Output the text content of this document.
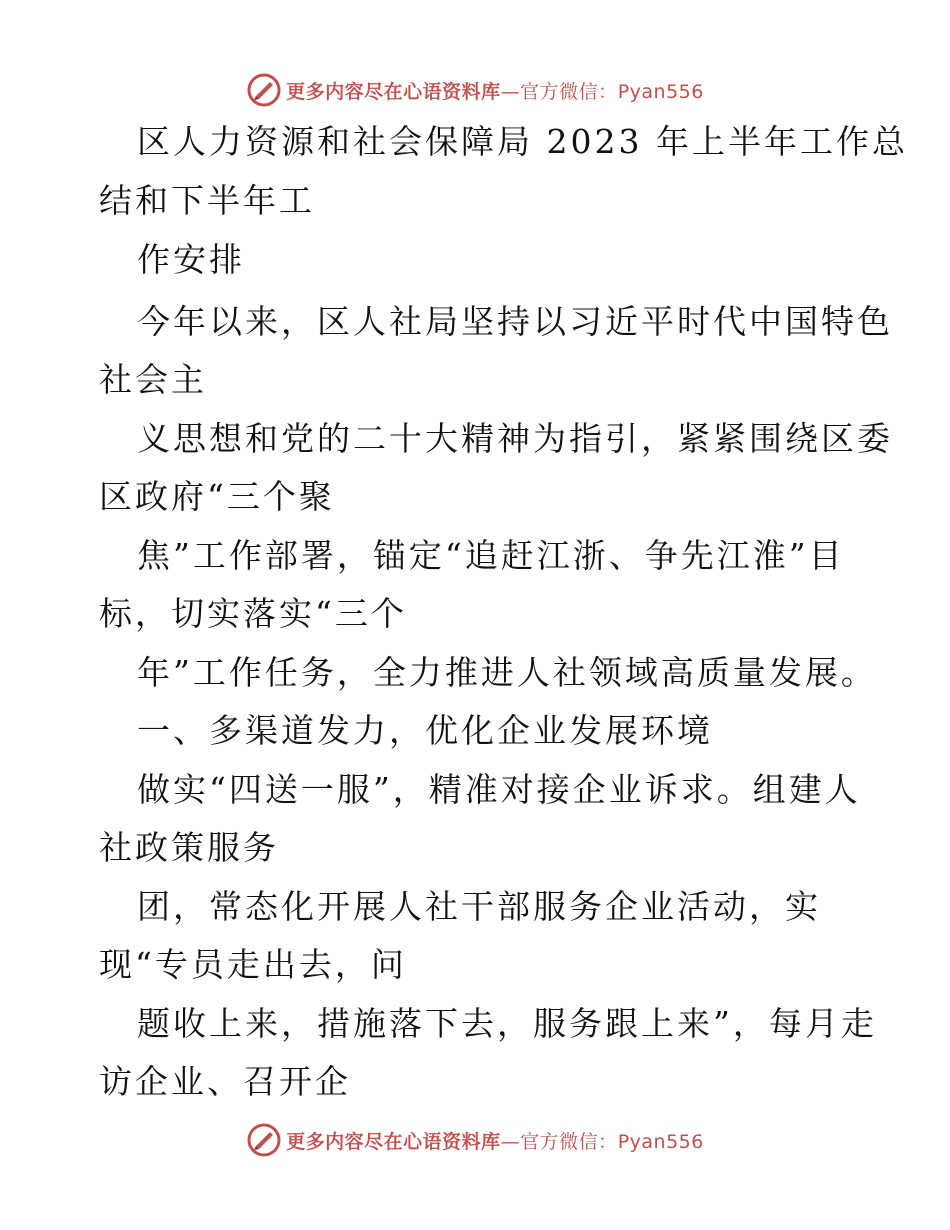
更多内容尽在心语资料库—官方微信：Pyan556
区人力资源和社会保障局 2023 年上半年工作总
结和下半年工
作安排
今年以来，区人社局坚持以习近平时代中国特色
社会主
义思想和党的二十大精神为指引，紧紧围绕区委
区政府“三个聚
焦”工作部署，锚定“追赶江浙、争先江淮”目
标，切实落实“三个
年”工作任务，全力推进人社领域高质量发展。
一、多渠道发力，优化企业发展环境
做实“四送一服”，精准对接企业诉求。组建人
社政策服务
团，常态化开展人社干部服务企业活动，实
现“专员走出去，问
题收上来，措施落下去，服务跟上来”，每月走
访企业、召开企
更多内容尽在心语资料库—官方微信：Pyan556
